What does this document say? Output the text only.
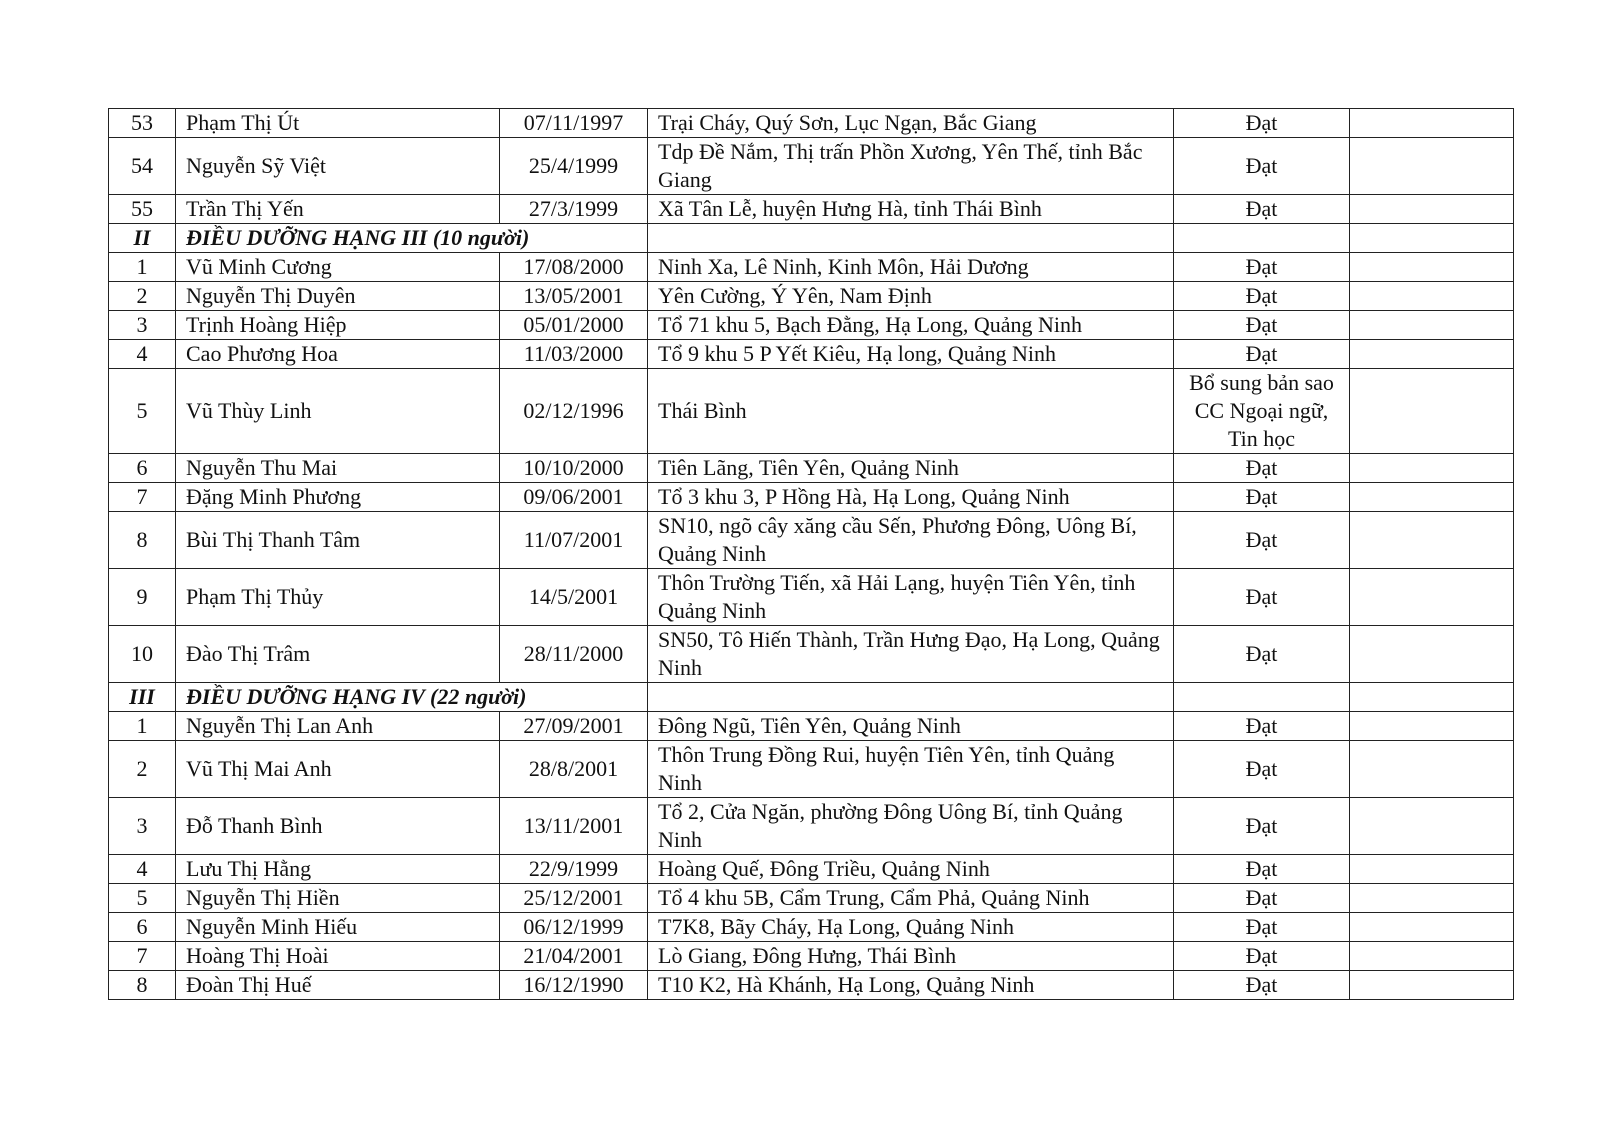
53	Phạm Thị Út	07/11/1997	Trại Cháy, Quý Sơn, Lục Ngạn, Bắc Giang	Đạt	
54	Nguyễn Sỹ Việt	25/4/1999	Tdp Đề Nắm, Thị trấn Phồn Xương, Yên Thế, tỉnh Bắc Giang	Đạt	
55	Trần Thị Yến	27/3/1999	Xã Tân Lễ, huyện Hưng Hà, tỉnh Thái Bình	Đạt	
II	ĐIỀU DƯỠNG HẠNG III (10 người)				
1	Vũ Minh Cương	17/08/2000	Ninh Xa, Lê Ninh, Kinh Môn, Hải Dương	Đạt	
2	Nguyễn Thị Duyên	13/05/2001	Yên Cường, Ý Yên, Nam Định	Đạt	
3	Trịnh Hoàng Hiệp	05/01/2000	Tổ 71 khu 5, Bạch Đằng, Hạ Long, Quảng Ninh	Đạt	
4	Cao Phương Hoa	11/03/2000	Tổ 9 khu 5 P Yết Kiêu, Hạ long, Quảng Ninh	Đạt	
5	Vũ Thùy Linh	02/12/1996	Thái Bình	Bổ sung bản sao CC Ngoại ngữ, Tin học	
6	Nguyễn Thu Mai	10/10/2000	Tiên Lãng, Tiên Yên, Quảng Ninh	Đạt	
7	Đặng Minh Phương	09/06/2001	Tổ 3 khu 3, P Hồng Hà, Hạ Long, Quảng Ninh	Đạt	
8	Bùi Thị Thanh Tâm	11/07/2001	SN10, ngõ cây xăng cầu Sến, Phương Đông, Uông Bí, Quảng Ninh	Đạt	
9	Phạm Thị Thủy	14/5/2001	Thôn Trường Tiến, xã Hải Lạng, huyện Tiên Yên, tỉnh Quảng Ninh	Đạt	
10	Đào Thị Trâm	28/11/2000	SN50, Tô Hiến Thành, Trần Hưng Đạo, Hạ Long, Quảng Ninh	Đạt	
III	ĐIỀU DƯỠNG HẠNG IV (22 người)				
1	Nguyễn Thị Lan Anh	27/09/2001	Đông Ngũ, Tiên Yên, Quảng Ninh	Đạt	
2	Vũ Thị Mai Anh	28/8/2001	Thôn Trung Đồng Rui, huyện Tiên Yên, tỉnh Quảng Ninh	Đạt	
3	Đỗ Thanh Bình	13/11/2001	Tổ 2, Cửa Ngăn, phường Đông Uông Bí, tỉnh Quảng Ninh	Đạt	
4	Lưu Thị Hằng	22/9/1999	Hoàng Quế, Đông Triều, Quảng Ninh	Đạt	
5	Nguyễn Thị Hiền	25/12/2001	Tổ 4 khu 5B, Cẩm Trung, Cẩm Phả, Quảng Ninh	Đạt	
6	Nguyễn Minh Hiếu	06/12/1999	T7K8, Bãy Cháy, Hạ Long, Quảng Ninh	Đạt	
7	Hoàng Thị Hoài	21/04/2001	Lò Giang, Đông Hưng, Thái Bình	Đạt	
8	Đoàn Thị Huế	16/12/1990	T10 K2, Hà Khánh, Hạ Long, Quảng Ninh	Đạt	
